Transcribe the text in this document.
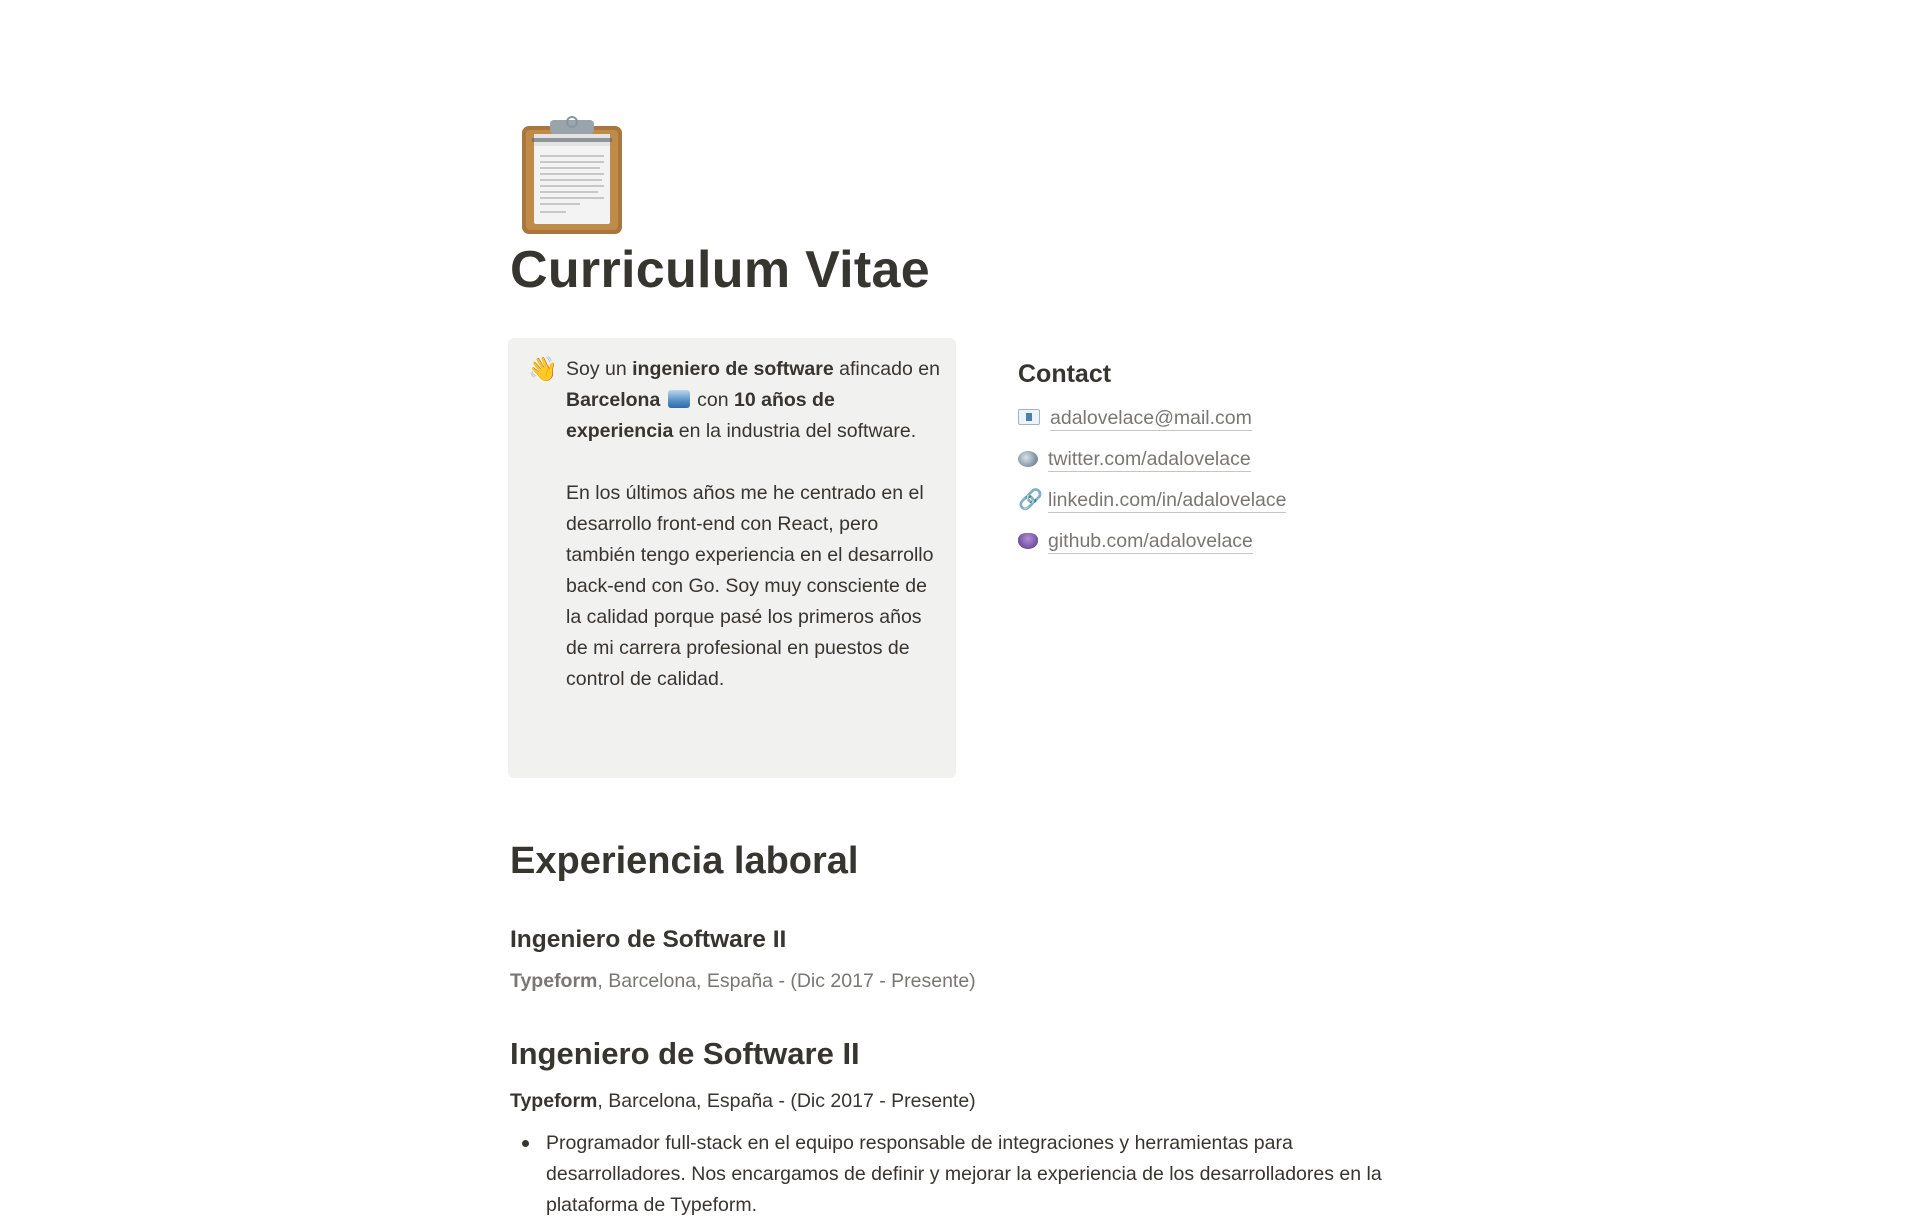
Curriculum Vitae
👋 Soy un ingeniero de software afincado en Barcelona  con 10 años de experiencia en la industria del software.

En los últimos años me he centrado en el desarrollo front-end con React, pero también tengo experiencia en el desarrollo back-end con Go. Soy muy consciente de la calidad porque pasé los primeros años de mi carrera profesional en puestos de control de calidad.

Contact
adalovelace@mail.com
twitter.com/adalovelace
🔗 linkedin.com/in/adalovelace
github.com/adalovelace
Experiencia laboral
Ingeniero de Software II
Typeform, Barcelona, España - (Dic 2017 - Presente)
Ingeniero de Software II
Typeform, Barcelona, España - (Dic 2017 - Presente)
Programador full-stack en el equipo responsable de integraciones y herramientas para desarrolladores. Nos encargamos de definir y mejorar la experiencia de los desarrolladores en la plataforma de Typeform.
